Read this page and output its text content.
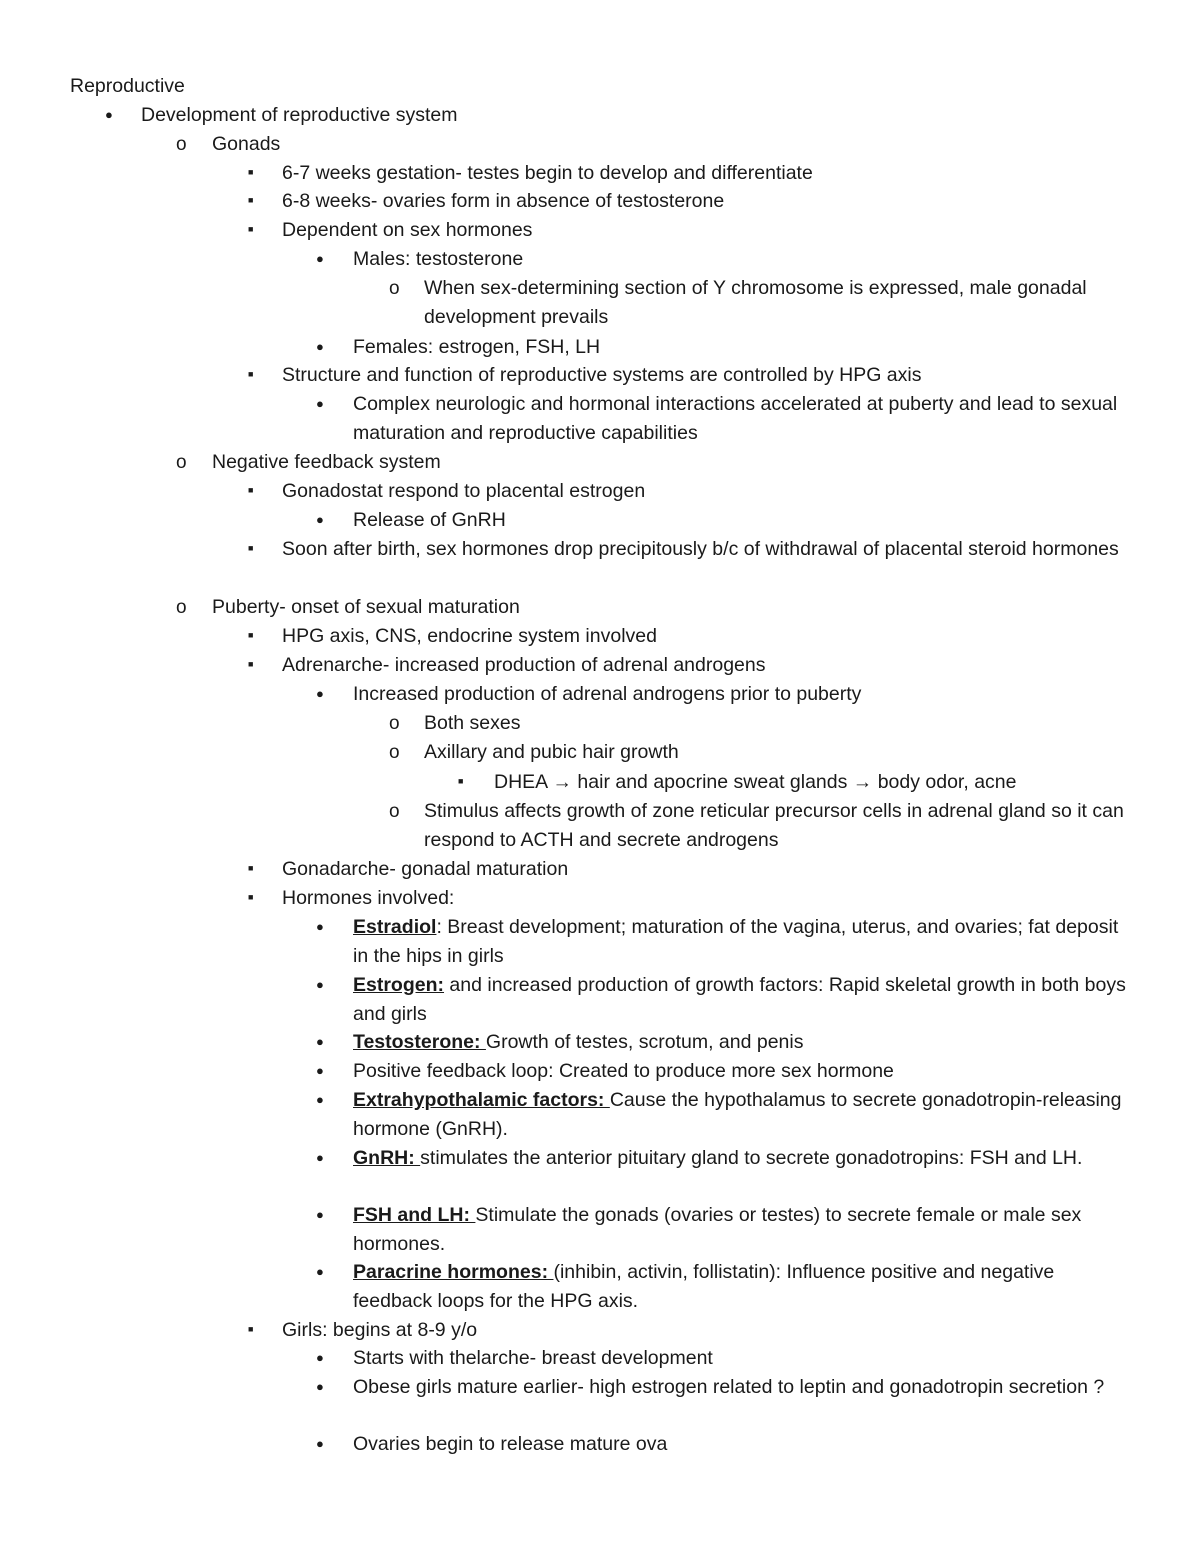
Reproductive
●
Development of reproductive system
o
Gonads
■
6-7 weeks gestation- testes begin to develop and differentiate
■
6-8 weeks- ovaries form in absence of testosterone
■
Dependent on sex hormones
●
Males: testosterone
o
When sex-determining section of Y chromosome is expressed, male gonadal development prevails
●
Females: estrogen, FSH, LH
■
Structure and function of reproductive systems are controlled by HPG axis
●
Complex neurologic and hormonal interactions accelerated at puberty and lead to sexual maturation and reproductive capabilities
o
Negative feedback system
■
Gonadostat respond to placental estrogen
●
Release of GnRH
■
Soon after birth, sex hormones drop precipitously b/c of withdrawal of placental steroid hormones
o
Puberty- onset of sexual maturation
■
HPG axis, CNS, endocrine system involved
■
Adrenarche- increased production of adrenal androgens
●
Increased production of adrenal androgens prior to puberty
o
Both sexes
o
Axillary and pubic hair growth
■
DHEA → hair and apocrine sweat glands → body odor, acne
o
Stimulus affects growth of zone reticular precursor cells in adrenal gland so it can respond to ACTH and secrete androgens
■
Gonadarche- gonadal maturation
■
Hormones involved:
●
Estradiol: Breast development; maturation of the vagina, uterus, and ovaries; fat deposit in the hips in girls
●
Estrogen: and increased production of growth factors: Rapid skeletal growth in both boys and girls
●
Testosterone: Growth of testes, scrotum, and penis
●
Positive feedback loop: Created to produce more sex hormone
●
Extrahypothalamic factors: Cause the hypothalamus to secrete gonadotropin-releasing hormone (GnRH).
●
GnRH: stimulates the anterior pituitary gland to secrete gonadotropins: FSH and LH.
●
FSH and LH: Stimulate the gonads (ovaries or testes) to secrete female or male sex hormones.
●
Paracrine hormones: (inhibin, activin, follistatin): Influence positive and negative feedback loops for the HPG axis.
■
Girls: begins at 8-9 y/o
●
Starts with thelarche- breast development
●
Obese girls mature earlier- high estrogen related to leptin and gonadotropin secretion ?
●
Ovaries begin to release mature ova
